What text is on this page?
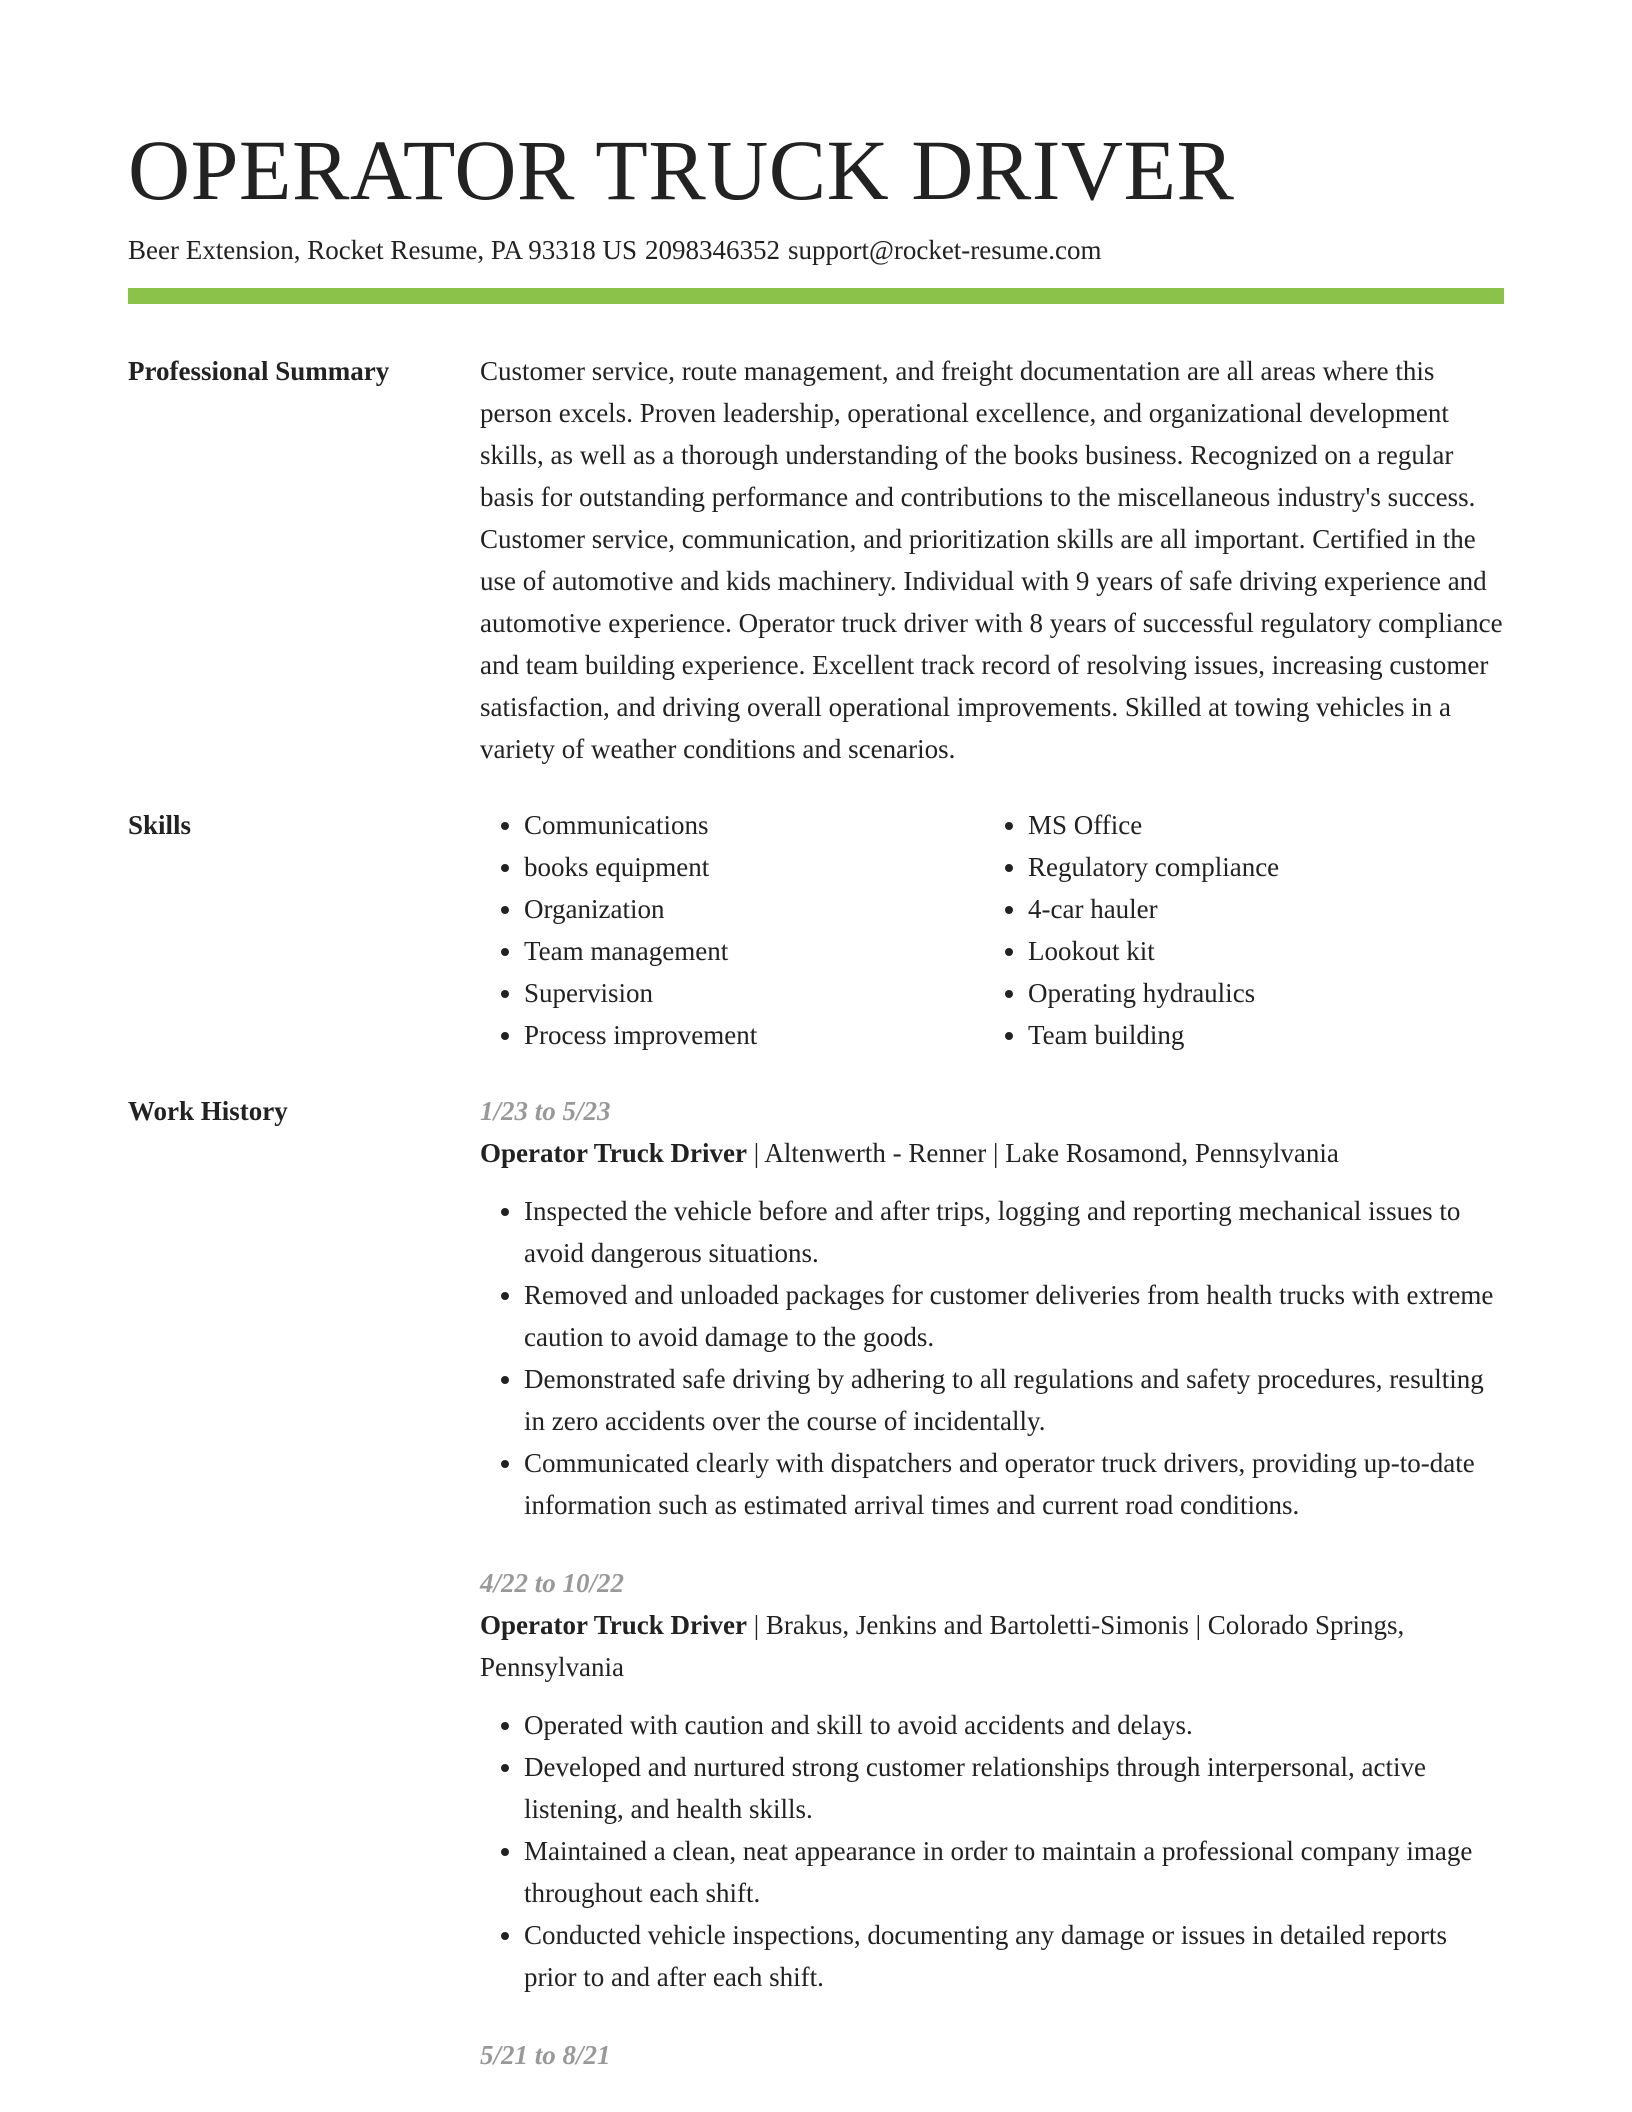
OPERATOR TRUCK DRIVER
Beer Extension, Rocket Resume, PA 93318 US 2098346352 support@rocket-resume.com
Professional Summary	Customer service, route management, and freight documentation are all areas where this person excels. Proven leadership, operational excellence, and organizational development skills, as well as a thorough understanding of the books business. Recognized on a regular basis for outstanding performance and contributions to the miscellaneous industry's success. Customer service, communication, and prioritization skills are all important. Certified in the use of automotive and kids machinery. Individual with 9 years of safe driving experience and automotive experience. Operator truck driver with 8 years of successful regulatory compliance and team building experience. Excellent track record of resolving issues, increasing customer satisfaction, and driving overall operational improvements. Skilled at towing vehicles in a variety of weather conditions and scenarios.
Skills
•	Communications
• books equipment
• Organization
• Team management
• Supervision
• Process improvement
• MS Office
• Regulatory compliance
• 4-car hauler
• Lookout kit
• Operating hydraulics
• Team building
Work History	1/23 to 5/23
Operator Truck Driver | Altenwerth - Renner | Lake Rosamond, Pennsylvania
• Inspected the vehicle before and after trips, logging and reporting mechanical issues to avoid dangerous situations.
• Removed and unloaded packages for customer deliveries from health trucks with extreme caution to avoid damage to the goods.
• Demonstrated safe driving by adhering to all regulations and safety procedures, resulting in zero accidents over the course of incidentally.
• Communicated clearly with dispatchers and operator truck drivers, providing up-to-date information such as estimated arrival times and current road conditions.
4/22 to 10/22
Operator Truck Driver | Brakus, Jenkins and Bartoletti-Simonis | Colorado Springs, Pennsylvania
• Operated with caution and skill to avoid accidents and delays.
• Developed and nurtured strong customer relationships through interpersonal, active listening, and health skills.
• Maintained a clean, neat appearance in order to maintain a professional company image throughout each shift.
• Conducted vehicle inspections, documenting any damage or issues in detailed reports prior to and after each shift.
5/21 to 8/21
